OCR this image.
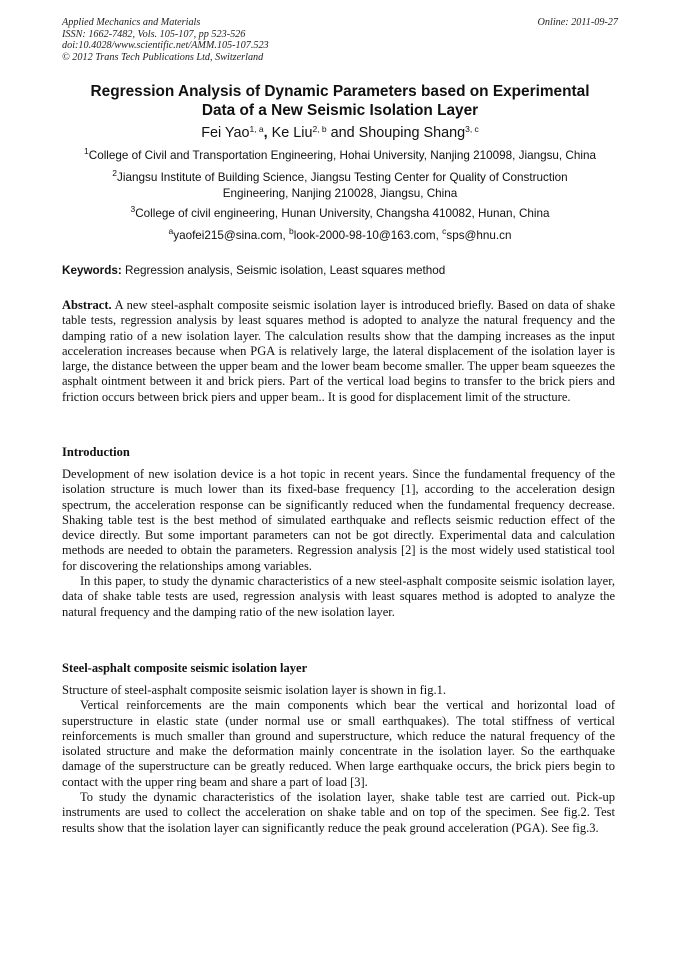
Applied Mechanics and Materials
ISSN: 1662-7482, Vols. 105-107, pp 523-526
doi:10.4028/www.scientific.net/AMM.105-107.523
© 2012 Trans Tech Publications Ltd, Switzerland
Online: 2011-09-27
Regression Analysis of Dynamic Parameters based on Experimental
Data of a New Seismic Isolation Layer
Fei Yao$^{1, a}$, Ke Liu$^{2, b}$ and Shouping Shang$^{3, c}$
$^1$College of Civil and Transportation Engineering, Hohai University, Nanjing 210098, Jiangsu, China
$^2$Jiangsu Institute of Building Science, Jiangsu Testing Center for Quality of Construction
Engineering, Nanjing 210028, Jiangsu, China
$^3$College of civil engineering, Hunan University, Changsha 410082, Hunan, China
$^a$yaofei215@sina.com, $^b$look-2000-98-10@163.com, $^c$sps@hnu.cn
Keywords: Regression analysis, Seismic isolation, Least squares method

Abstract. A new steel-asphalt composite seismic isolation layer is introduced briefly. Based on data of shake table tests, regression analysis by least squares method is adopted to analyze the natural frequency and the damping ratio of a new isolation layer. The calculation results show that the damping increases as the input acceleration increases because when PGA is relatively large, the lateral displacement of the isolation layer is large, the distance between the upper beam and the lower beam become smaller. The upper beam squeezes the asphalt ointment between it and brick piers. Part of the vertical load begins to transfer to the brick piers and friction occurs between brick piers and upper beam.. It is good for displacement limit of the structure.

Introduction

Development of new isolation device is a hot topic in recent years. Since the fundamental frequency of the isolation structure is much lower than its fixed-base frequency [1], according to the acceleration design spectrum, the acceleration response can be significantly reduced when the fundamental frequency decrease. Shaking table test is the best method of simulated earthquake and reflects seismic reduction effect of the device directly. But some important parameters can not be got directly. Experimental data and calculation methods are needed to obtain the parameters. Regression analysis [2] is the most widely used statistical tool for discovering the relationships among variables.

In this paper, to study the dynamic characteristics of a new steel-asphalt composite seismic isolation layer, data of shake table tests are used, regression analysis with least squares method is adopted to analyze the natural frequency and the damping ratio of the new isolation layer.

Steel-asphalt composite seismic isolation layer

Structure of steel-asphalt composite seismic isolation layer is shown in fig.1.

Vertical reinforcements are the main components which bear the vertical and horizontal load of superstructure in elastic state (under normal use or small earthquakes). The total stiffness of vertical reinforcements is much smaller than ground and superstructure, which reduce the natural frequency of the isolated structure and make the deformation mainly concentrate in the isolation layer. So the earthquake damage of the superstructure can be greatly reduced. When large earthquake occurs, the brick piers begin to contact with the upper ring beam and share a part of load [3].

To study the dynamic characteristics of the isolation layer, shake table test are carried out. Pick-up instruments are used to collect the acceleration on shake table and on top of the specimen. See fig.2. Test results show that the isolation layer can significantly reduce the peak ground acceleration (PGA). See fig.3.
